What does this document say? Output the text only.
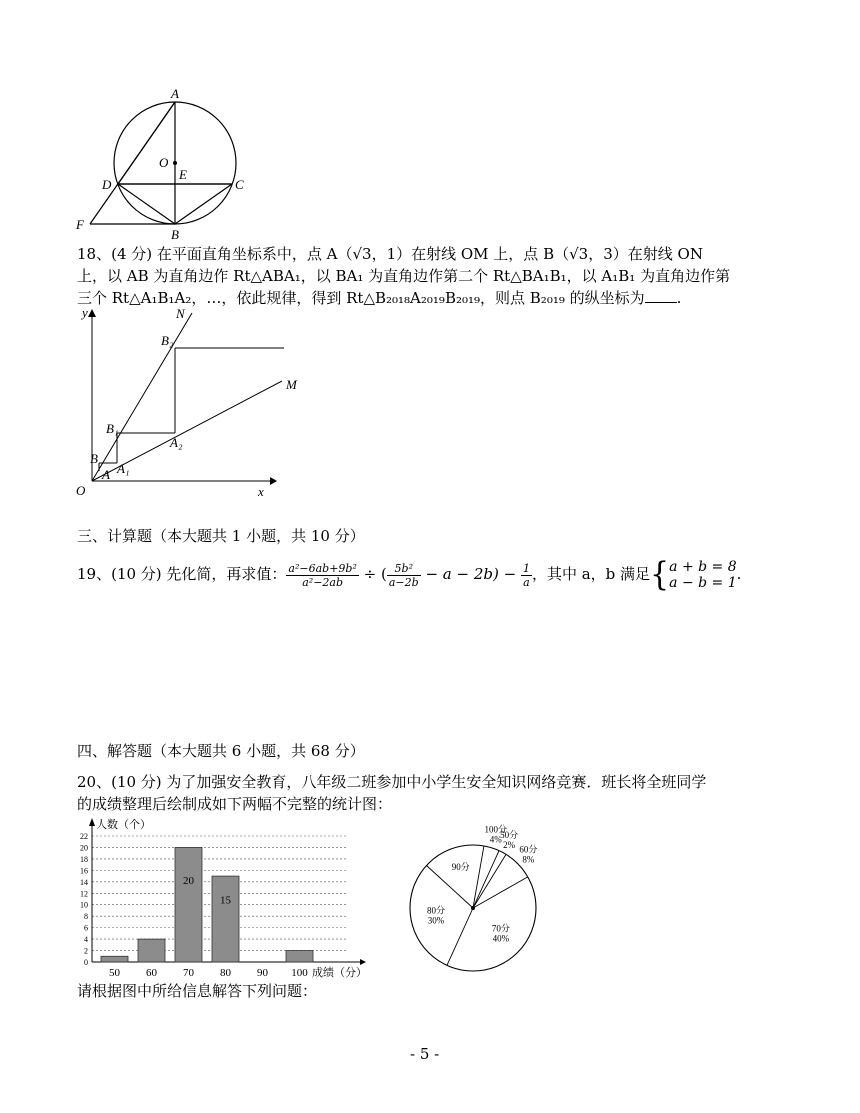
A
O
E
D	C
F
B
18、(4 分) 在平面直角坐标系中，点 A（√3，1）在射线 OM 上，点 B（√3，3）在射线 ON
上，以 AB 为直角边作 Rt△ABA₁，以 BA₁ 为直角边作第二个 Rt△BA₁B₁，以 A₁B₁ 为直角边作第
三个 Rt△A₁B₁A₂，…，依此规律，得到 Rt△B₂₀₁₈A₂₀₁₉B₂₀₁₉，则点 B₂₀₁₉ 的纵坐标为 .
y	N
B₂
M
B₁
A₂
B
A₁
A
O	x
三、计算题（本大题共 1 小题，共 10 分）
19、(10 分) 先化简，再求值： $\frac{\text{a²−6ab+9b²}}{\text{a²−2ab}}$ ÷ ( $\frac{\text{5b²}}{a-2b} - a - 2b) - \frac{1}{a}$ ，其中 a，b 满足{ a + b = 8
a − b = 1 .
四、解答题（本大题共 6 小题，共 68 分）
20、(10 分) 为了加强安全教育，八年级二班参加中小学生安全知识网络竞赛．班长将全班同学
的成绩整理后绘制成如下两幅不完整的统计图：
0
2
4
6
8
10
12
14
16
18
20
22
人数（个）
成绩（分）
50 60
20
70
15
80 90 100
100分
4%
50分
2% 60分
8%
70分
40%
80分
30%
90分
请根据图中所给信息解答下列问题：
- 5 -
